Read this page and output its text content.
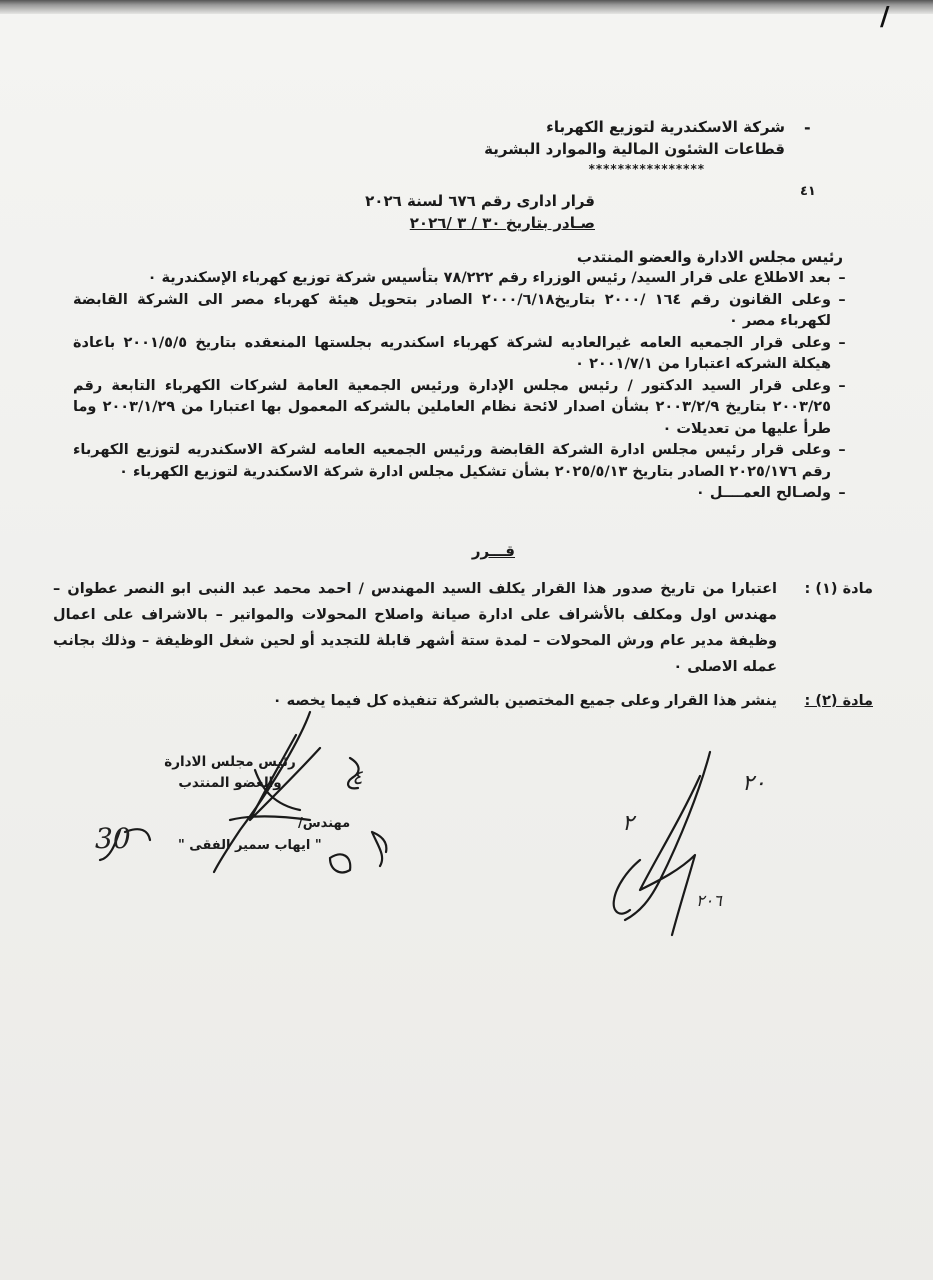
/
شركة الاسكندرية لتوزيع الكهرباء
قطاعات الشئون المالية والموارد البشرية
****************
-
٤١
قرار ادارى رقم ٦٧٦ لسنة ٢٠٢٦
صـادر بتاريخ ٣٠ / ٣ /٢٠٢٦
رئيس مجلس الادارة والعضو المنتدب
–
بعد الاطلاع على قرار السيد/ رئيس الوزراء رقم ٧٨/٢٢٢ بتأسيس شركة توزيع كهرباء الإسكندرية ٠
–
وعلى القانون رقم ١٦٤ /٢٠٠٠ بتاريخ٢٠٠٠/٦/١٨ الصادر بتحويل هيئة كهرباء مصر الى الشركة القابضة لكهرباء مصر ٠
–
وعلى قرار الجمعيه العامه غيرالعاديه لشركة كهرباء اسكندريه بجلستها المنعقده بتاريخ ٢٠٠١/٥/٥ باعادة هيكلة الشركه اعتبارا من ٢٠٠١/٧/١ ٠
–
وعلى قرار السيد الدكتور / رئيس مجلس الإدارة ورئيس الجمعية العامة لشركات الكهرباء التابعة رقم ٢٠٠٣/٢٥ بتاريخ ٢٠٠٣/٢/٩ بشأن اصدار لائحة نظام العاملين بالشركه المعمول بها اعتبارا من ٢٠٠٣/١/٢٩ وما طرأ عليها من تعديلات ٠
–
وعلى قرار رئيس مجلس ادارة الشركة القابضة ورئيس الجمعيه العامه لشركة الاسكندريه لتوزيع الكهرباء رقم ٢٠٢٥/١٧٦ الصادر بتاريخ ٢٠٢٥/٥/١٣ بشأن تشكيل مجلس ادارة شركة الاسكندرية لتوزيع الكهرباء ٠
–
ولصـالح العمــــل ٠
قـــرر
مادة (١) :
اعتبارا من تاريخ صدور هذا القرار يكلف السيد المهندس / احمد محمد عبد النبى ابو النصر عطوان – مهندس اول ومكلف بالأشراف على ادارة صيانة واصلاح المحولات والمواتير – بالاشراف على اعمال وظيفة مدير عام ورش المحولات – لمدة ستة أشهر قابلة للتجديد أو لحين شغل الوظيفة – وذلك بجانب عمله الاصلى ٠
مادة (٢) :
ينشر هذا القرار وعلى جميع المختصين بالشركة تنفيذه كل فيما يخصه ٠
رئيس مجلس الادارة
والعضو المنتدب
مهندس/
" ايهاب سمير الفقى "
30
٢٠
٢
٢٠٦
٤
